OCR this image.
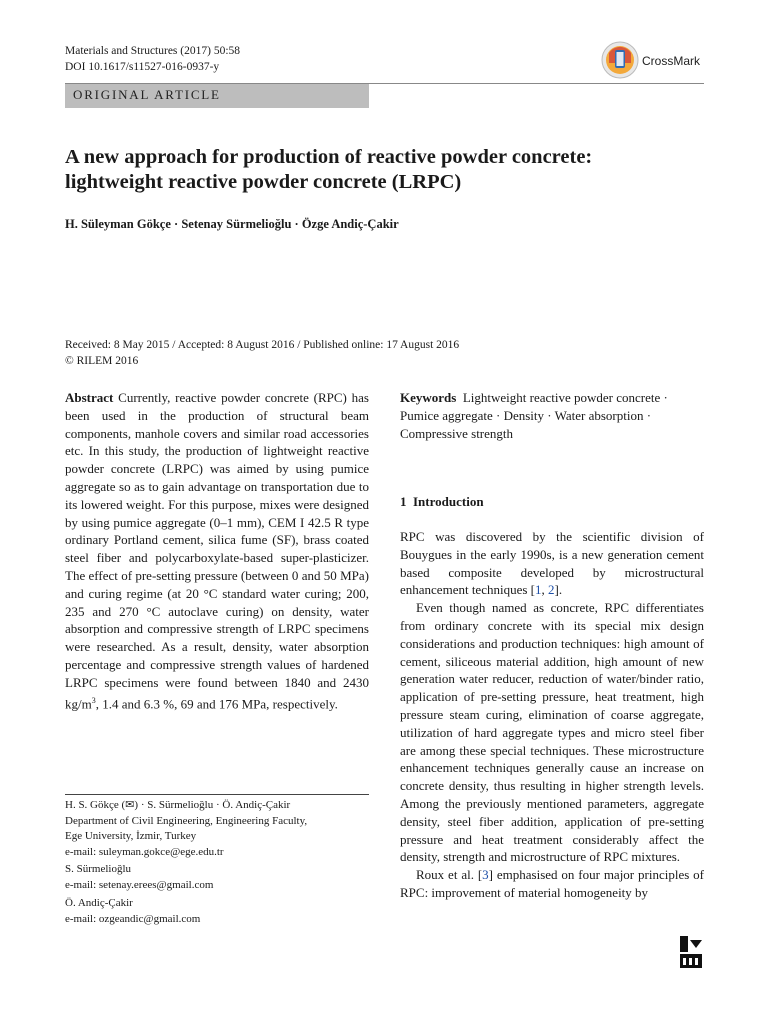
Materials and Structures (2017) 50:58
DOI 10.1617/s11527-016-0937-y	CrossMark
ORIGINAL ARTICLE
A new approach for production of reactive powder concrete:
lightweight reactive powder concrete (LRPC)
H. Süleyman Gökçe · Setenay Sürmelioğlu · Özge Andiç-Çakir
Received: 8 May 2015 / Accepted: 8 August 2016 / Published online: 17 August 2016
© RILEM 2016
Abstract Currently, reactive powder concrete (RPC) has been used in the production of structural beam components, manhole covers and similar road accessories etc. In this study, the production of lightweight reactive powder concrete (LRPC) was aimed by using pumice aggregate so as to gain advantage on transportation due to its lowered weight. For this purpose, mixes were designed by using pumice aggregate (0–1 mm), CEM I 42.5 R type ordinary Portland cement, silica fume (SF), brass coated steel fiber and polycarboxylate-based super-plasticizer. The effect of pre-setting pressure (between 0 and 50 MPa) and curing regime (at 20 °C standard water curing; 200, 235 and 270 °C autoclave curing) on density, water absorption and compressive strength of LRPC specimens were researched. As a result, density, water absorption percentage and compressive strength values of hardened LRPC specimens were found between 1840 and 2430 $kg/m^3$, 1.4 and 6.3 %, 69 and 176 MPa, respectively.
H. S. Gökçe (✉) · S. Sürmelioğlu · Ö. Andiç-Çakir
Department of Civil Engineering, Engineering Faculty,
Ege University, İzmir, Turkey
e-mail: suleyman.gokce@ege.edu.tr
S. Sürmelioğlu
e-mail: setenay.erees@gmail.com
Ö. Andiç-Çakir
e-mail: ozgeandic@gmail.com
Keywords Lightweight reactive powder concrete · Pumice aggregate · Density · Water absorption · Compressive strength
1  Introduction

RPC was discovered by the scientific division of Bouygues in the early 1990s, is a new generation cement based composite developed by microstructural enhancement techniques [1, 2].

Even though named as concrete, RPC differentiates from ordinary concrete with its special mix design considerations and production techniques: high amount of cement, siliceous material addition, high amount of new generation water reducer, reduction of water/binder ratio, application of pre-setting pressure, heat treatment, high pressure steam curing, elimination of coarse aggregate, utilization of hard aggregate types and micro steel fiber are among these special techniques. These microstructure enhancement techniques generally cause an increase on concrete density, thus resulting in higher strength levels. Among the previously mentioned parameters, aggregate density, steel fiber addition, application of pre-setting pressure and heat treatment considerably affect the density, strength and microstructure of RPC mixtures.

Roux et al. [3] emphasised on four major principles of RPC: improvement of material homogeneity by
